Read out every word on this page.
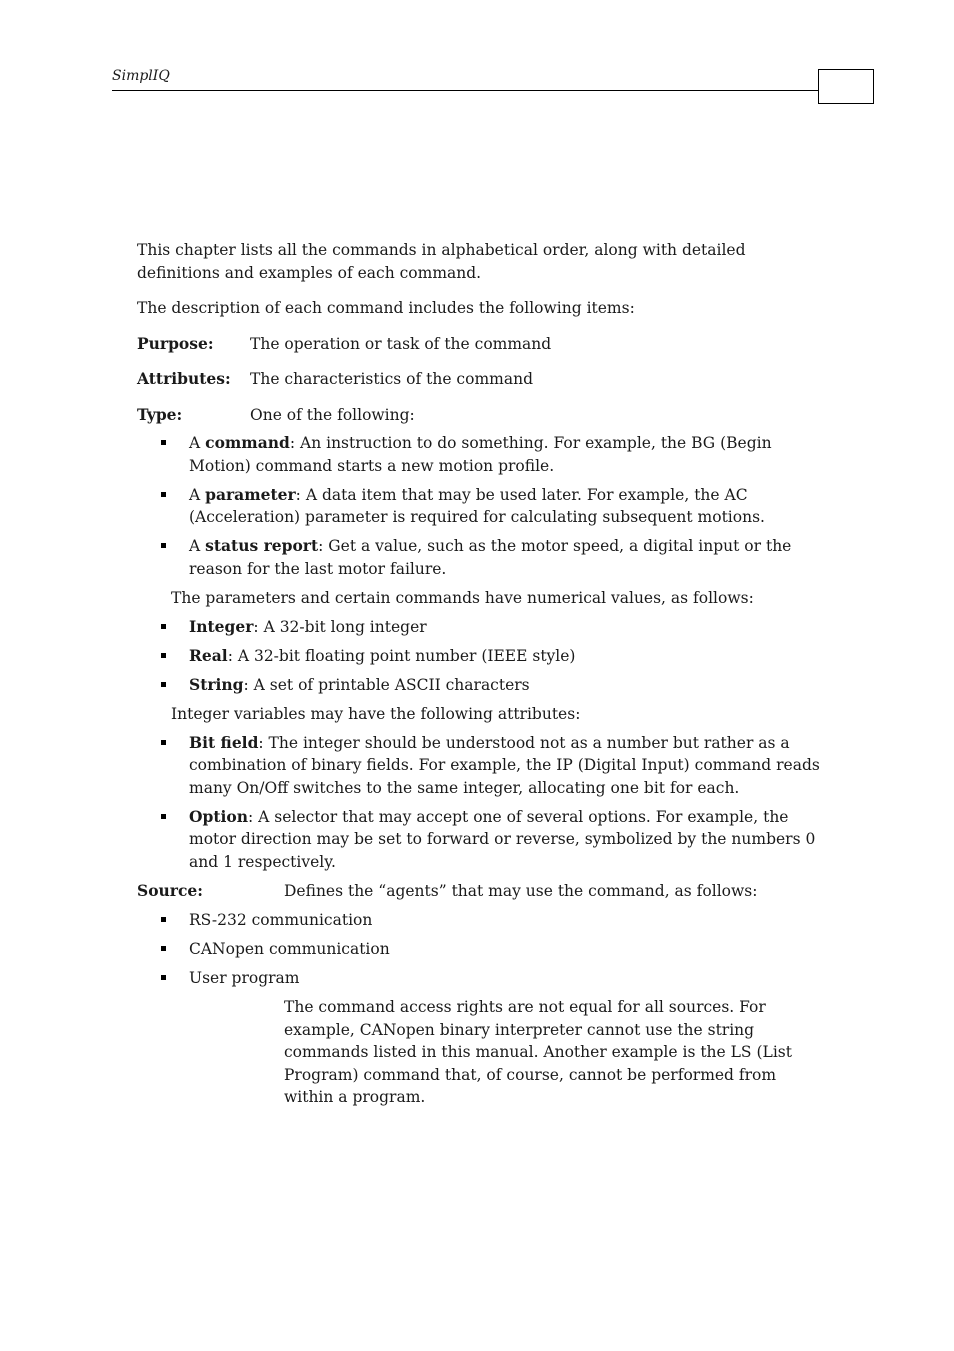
SimplIQ

This chapter lists all the commands in alphabetical order, along with detailed definitions and examples of each command.

The description of each command includes the following items:

Purpose:	The operation or task of the command
Attributes:	The characteristics of the command
Type:	One of the following:
A command: An instruction to do something. For example, the BG (Begin Motion) command starts a new motion profile.
A parameter: A data item that may be used later. For example, the AC (Acceleration) parameter is required for calculating subsequent motions.
A status report: Get a value, such as the motor speed, a digital input or the reason for the last motor failure.

The parameters and certain commands have numerical values, as follows:

Integer: A 32-bit long integer
Real: A 32-bit floating point number (IEEE style)
String: A set of printable ASCII characters

Integer variables may have the following attributes:

Bit field: The integer should be understood not as a number but rather as a combination of binary fields. For example, the IP (Digital Input) command reads many On/Off switches to the same integer, allocating one bit for each.
Option: A selector that may accept one of several options. For example, the motor direction may be set to forward or reverse, symbolized by the numbers 0 and 1 respectively.
Source:	Defines the “agents” that may use the command, as follows:
RS-232 communication
CANopen communication
User program

The command access rights are not equal for all sources. For example, CANopen binary interpreter cannot use the string commands listed in this manual. Another example is the LS (List Program) command that, of course, cannot be performed from within a program.
